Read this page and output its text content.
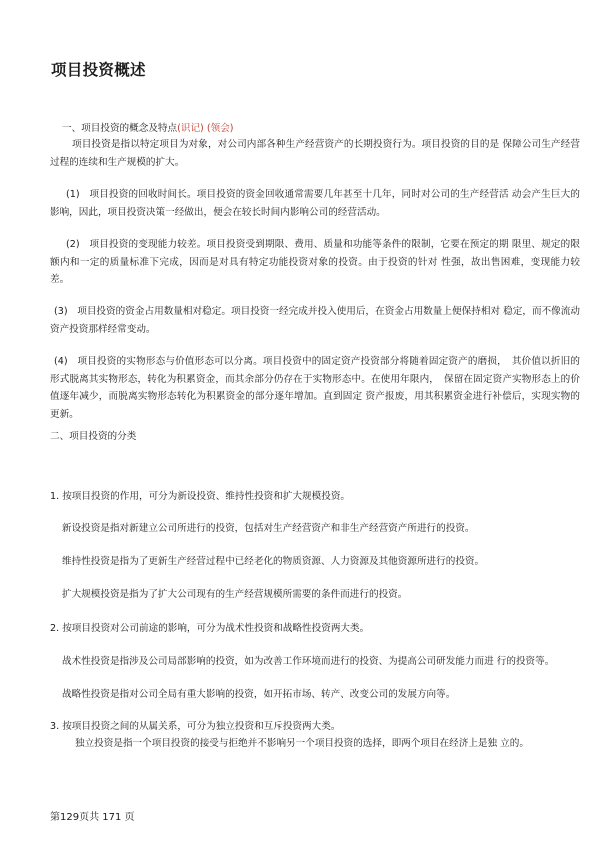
项目投资概述
一、项目投资的概念及特点(识记) (领会)
项目投资是指以特定项目为对象，对公司内部各种生产经营资产的长期投资行为。项目投资的目的是 保障公司生产经营过程的连续和生产规模的扩大。
(1)　项目投资的回收时间长。项目投资的资金回收通常需要几年甚至十几年，同时对公司的生产经营活 动会产生巨大的影响，因此，项目投资决策一经做出，便会在较长时间内影响公司的经营活动。
(2)　项目投资的变现能力较差。项目投资受到期限、费用、质量和功能等条件的限制，它要在预定的期 限里、规定的限额内和一定的质量标准下完成，因而是对具有特定功能投资对象的投资。由于投资的针对 性强，故出售困难，变现能力较差。
(3)　项目投资的资金占用数量相对稳定。项目投资一经完成并投入使用后，在资金占用数量上便保持相对 稳定，而不像流动资产投资那样经常变动。
(4)　项目投资的实物形态与价值形态可以分离。项目投资中的固定资产投资部分将随着固定资产的磨损，　其价值以折旧的形式脱离其实物形态，转化为积累资金，而其余部分仍存在于实物形态中。在使用年限内，　保留在固定资产实物形态上的价值逐年减少，而脱离实物形态转化为积累资金的部分逐年增加。直到固定 资产报废，用其积累资金进行补偿后，实现实物的更新。
二、项目投资的分类
1. 按项目投资的作用，可分为新设投资、维持性投资和扩大规模投资。
新设投资是指对新建立公司所进行的投资，包括对生产经营资产和非生产经营资产所进行的投资。
维持性投资是指为了更新生产经营过程中已经老化的物质资源、人力资源及其他资源所进行的投资。
扩大规模投资是指为了扩大公司现有的生产经营规模所需要的条件而进行的投资。
2. 按项目投资对公司前途的影响，可分为战术性投资和战略性投资两大类。
战术性投资是指涉及公司局部影响的投资，如为改善工作环境而进行的投资、为提高公司研发能力而进 行的投资等。
战略性投资是指对公司全局有重大影响的投资，如开拓市场、转产、改变公司的发展方向等。
3. 按项目投资之间的从属关系，可分为独立投资和互斥投资两大类。
独立投资是指一个项目投资的接受与拒绝并不影响另一个项目投资的选择，即两个项目在经济上是独 立的。
第129页共 171 页
